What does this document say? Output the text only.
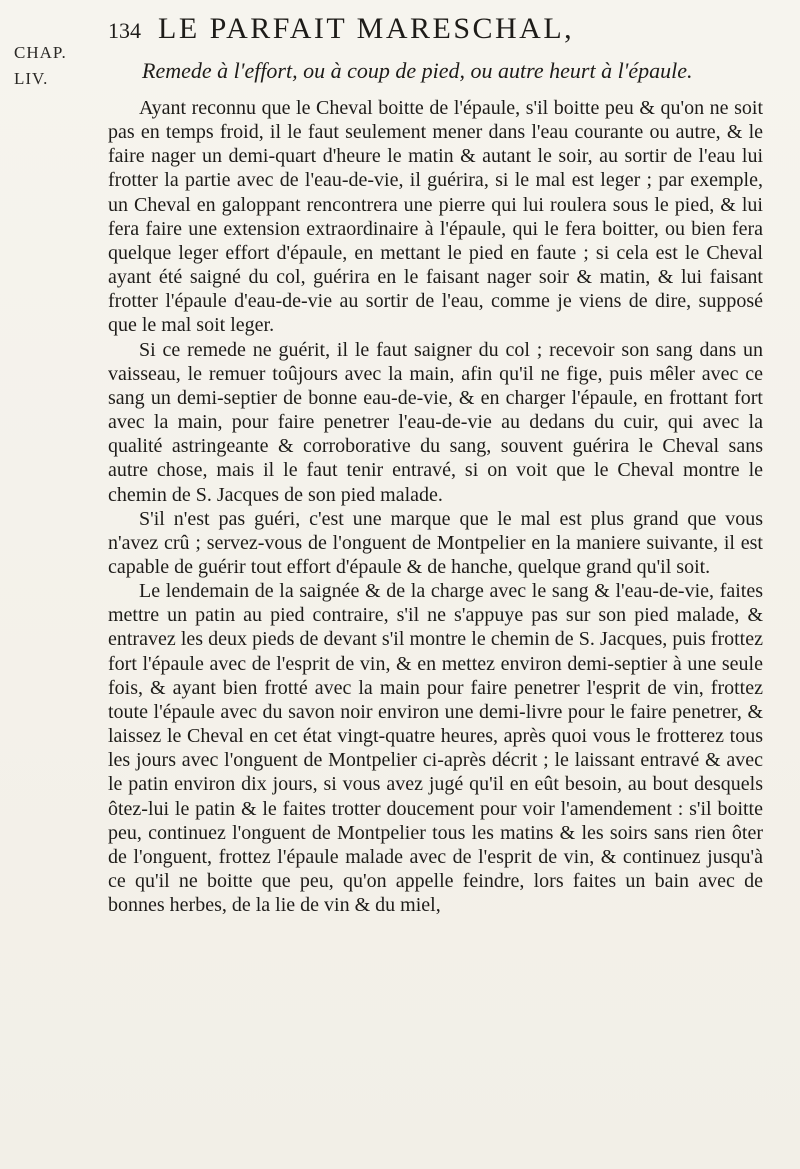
CHAP.
LIV.
134 LE PARFAIT MARESCHAL,
Remede à l'effort, ou à coup de pied, ou autre heurt à l'épaule.

Ayant reconnu que le Cheval boitte de l'épaule, s'il boitte peu & qu'on ne soit pas en temps froid, il le faut seulement mener dans l'eau courante ou autre, & le faire nager un demi-quart d'heure le matin & autant le soir, au sortir de l'eau lui frotter la partie avec de l'eau-de-vie, il guérira, si le mal est leger ; par exemple, un Cheval en galoppant rencontrera une pierre qui lui roulera sous le pied, & lui fera faire une extension extraordinaire à l'épaule, qui le fera boitter, ou bien fera quelque leger effort d'épaule, en mettant le pied en faute ; si cela est le Cheval ayant été saigné du col, guérira en le faisant nager soir & matin, & lui faisant frotter l'épaule d'eau-de-vie au sortir de l'eau, comme je viens de dire, supposé que le mal soit leger.

Si ce remede ne guérit, il le faut saigner du col ; recevoir son sang dans un vaisseau, le remuer toûjours avec la main, afin qu'il ne fige, puis mêler avec ce sang un demi-septier de bonne eau-de-vie, & en charger l'épaule, en frottant fort avec la main, pour faire penetrer l'eau-de-vie au dedans du cuir, qui avec la qualité astringeante & corroborative du sang, souvent guérira le Cheval sans autre chose, mais il le faut tenir entravé, si on voit que le Cheval montre le chemin de S. Jacques de son pied malade.

S'il n'est pas guéri, c'est une marque que le mal est plus grand que vous n'avez crû ; servez-vous de l'onguent de Montpelier en la maniere suivante, il est capable de guérir tout effort d'épaule & de hanche, quelque grand qu'il soit.

Le lendemain de la saignée & de la charge avec le sang & l'eau-de-vie, faites mettre un patin au pied contraire, s'il ne s'appuye pas sur son pied malade, & entravez les deux pieds de devant s'il montre le chemin de S. Jacques, puis frottez fort l'épaule avec de l'esprit de vin, & en mettez environ demi-septier à une seule fois, & ayant bien frotté avec la main pour faire penetrer l'esprit de vin, frottez toute l'épaule avec du savon noir environ une demi-livre pour le faire penetrer, & laissez le Cheval en cet état vingt-quatre heures, après quoi vous le frotterez tous les jours avec l'onguent de Montpelier ci-après décrit ; le laissant entravé & avec le patin environ dix jours, si vous avez jugé qu'il en eût besoin, au bout desquels ôtez-lui le patin & le faites trotter doucement pour voir l'amendement : s'il boitte peu, continuez l'onguent de Montpelier tous les matins & les soirs sans rien ôter de l'onguent, frottez l'épaule malade avec de l'esprit de vin, & continuez jusqu'à ce qu'il ne boitte que peu, qu'on appelle feindre, lors faites un bain avec de bonnes herbes, de la lie de vin & du miel,
